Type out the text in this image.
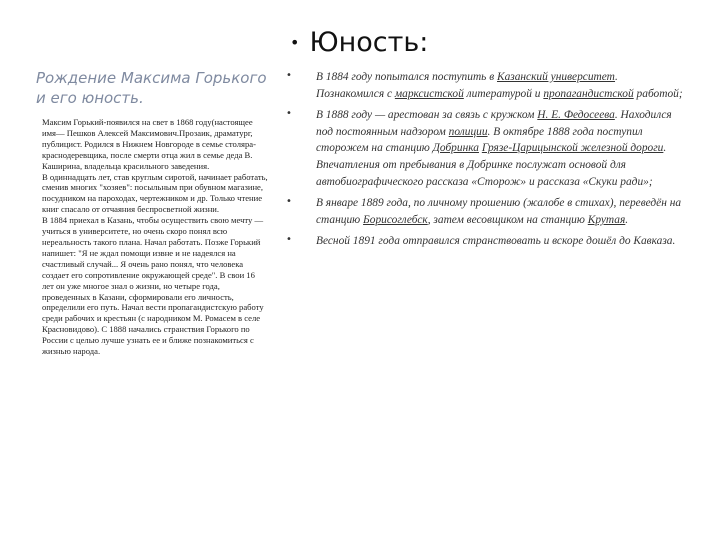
Рождение Максима Горького и его юность.
Максим Горький-появился на свет в 1868 году(настоящее имя— Пешков Алексей Максимович.Прозаик, драматург, публицист. Родился в Нижнем Новгороде в семье столяра-краснодеревщика, после смерти отца жил в семье деда В. Каширина, владельца красильного заведения.
В одиннадцать лет, став круглым сиротой, начинает работать, сменив многих "хозяев": посыльным при обувном магазине, посудником на пароходах, чертежником и др. Только чтение книг спасало от отчаяния беспросветной жизни.
В 1884 приехал в Казань, чтобы осуществить свою мечту — учиться в университете, но очень скоро понял всю нереальность такого плана. Начал работать. Позже Горький напишет: "Я не ждал помощи извне и не надеялся на счастливый случай... Я очень рано понял, что человека создает его сопротивление окружающей среде". В свои 16 лет он уже многое знал о жизни, но четыре года, проведенных в Казани, сформировали его личность, определили его путь. Начал вести пропагандистскую работу среди рабочих и крестьян (с народником М. Ромасем в селе Красновидово). С 1888 начались странствия Горького по России с целью лучше узнать ее и ближе познакомиться с жизнью народа.
• Юность:
• В 1884 году попытался поступить в Казанский университет. Познакомился с марксистской литературой и пропагандистской работой;
• В 1888 году — арестован за связь с кружком Н. Е. Федосеева. Находился под постоянным надзором полиции. В октябре 1888 года поступил сторожем на станцию Добринка Грязе-Царицынской железной дороги. Впечатления от пребывания в Добринке послужат основой для автобиографического рассказа «Сторож» и рассказа «Скуки ради»;
• В январе 1889 года, по личному прошению (жалобе в стихах), переведён на станцию Борисоглебск, затем весовщиком на станцию Крутая.
• Весной 1891 года отправился странствовать и вскоре дошёл до Кавказа.
